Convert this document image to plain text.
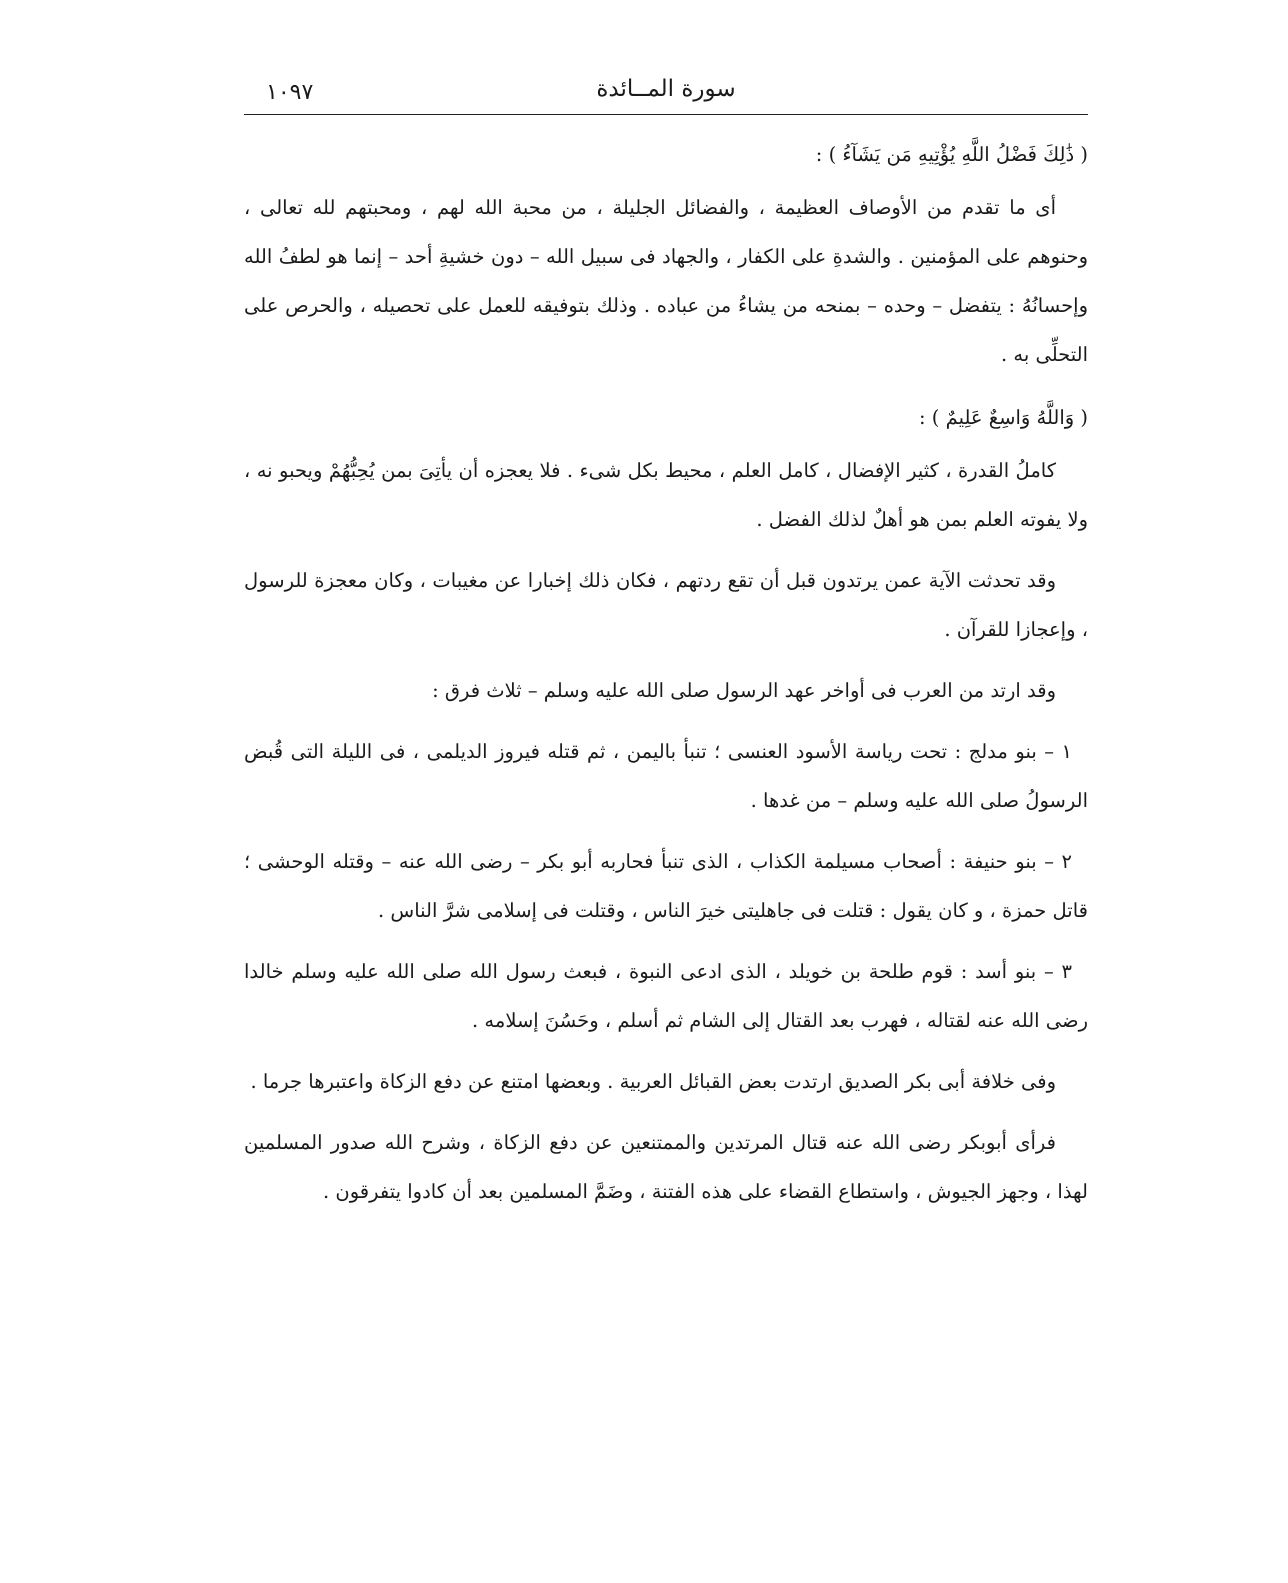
١٠٩٧	سورة المــائدة

( ذَٰلِكَ فَضْلُ اللَّهِ يُؤْتِيهِ مَن يَشَآءُ ) :

أى ما تقدم من الأوصاف العظيمة ، والفضائل الجليلة ، من محبة الله لهم ، ومحبتهم لله تعالى ، وحنوهم على المؤمنين . والشدةِ على الكفار ، والجهاد فى سبيل الله – دون خشيةِ أحد – إنما هو لطفُ الله وإحسانُهُ : يتفضل – وحده – بمنحه من يشاءُ من عباده . وذلك بتوفيقه للعمل على تحصيله ، والحرص على التحلِّى به .

( وَاللَّهُ وَاسِعٌ عَلِيمٌ ) :

كاملُ القدرة ، كثير الإفضال ، كامل العلم ، محيط بكل شىء . فلا يعجزه أن يأتِىَ بمن يُحِبُّهُمْ ويحبو نه ، ولا يفوته العلم بمن هو أهلٌ لذلك الفضل .

وقد تحدثت الآية عمن يرتدون قبل أن تقع ردتهم ، فكان ذلك إخبارا عن مغيبات ، وكان معجزة للرسول ، وإعجازا للقرآن .

وقد ارتد من العرب فى أواخر عهد الرسول صلى الله عليه وسلم – ثلاث فرق :

١ – بنو مدلج : تحت رياسة الأسود العنسى ؛ تنبأ باليمن ، ثم قتله فيروز الديلمى ، فى الليلة التى قُبض الرسولُ صلى الله عليه وسلم – من غدها .

٢ – بنو حنيفة : أصحاب مسيلمة الكذاب ، الذى تنبأ فحاربه أبو بكر – رضى الله عنه – وقتله الوحشى ؛ قاتل حمزة ، و كان يقول : قتلت فى جاهليتى خيرَ الناس ، وقتلت فى إسلامى شرَّ الناس .

٣ – بنو أسد : قوم طلحة بن خويلد ، الذى ادعى النبوة ، فبعث رسول الله صلى الله عليه وسلم خالدا رضى الله عنه لقتاله ، فهرب بعد القتال إلى الشام ثم أسلم ، وحَسُنَ إسلامه .

وفى خلافة أبى بكر الصديق ارتدت بعض القبائل العربية . وبعضها امتنع عن دفع الزكاة واعتبرها جرما .

فرأى أبوبكر رضى الله عنه قتال المرتدين والممتنعين عن دفع الزكاة ، وشرح الله صدور المسلمين لهذا ، وجهز الجيوش ، واستطاع القضاء على هذه الفتنة ، وضَمَّ المسلمين بعد أن كادوا يتفرقون .
